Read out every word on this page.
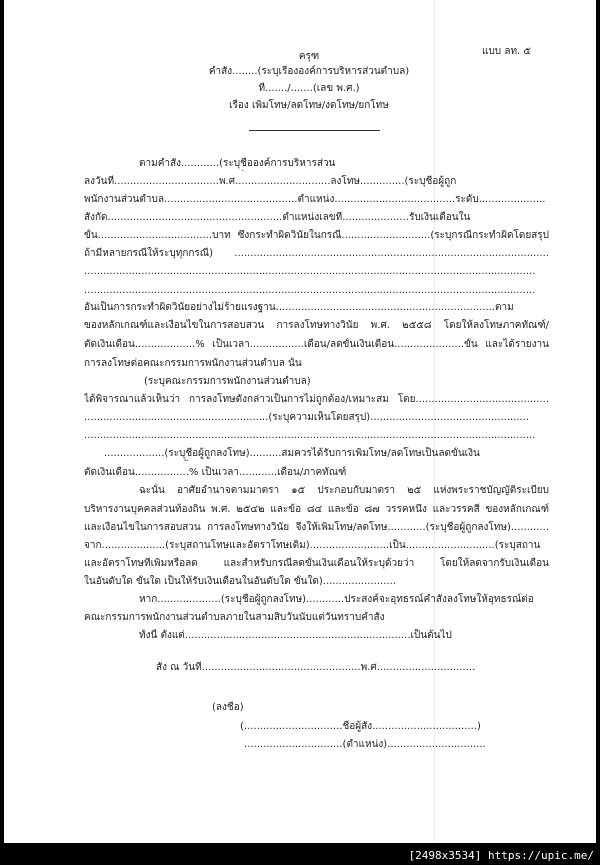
แบบ ลท. ๕
ครุฑ
คำสั่ง........(ระบุเรื่ององค์การบริหารส่วนตำบล)
ที่......./.......(เลข พ.ศ.)
เรื่อง เพิ่มโทษ/ลดโทษ/งดโทษ/ยกโทษ
ตามคำสั่ง............(ระบุชื่อองค์การบริหารส่วน
ลงวันที่.................................พ.ศ..............................ลงโทษ..............(ระบุชื่อผู้ถูก
พนักงานส่วนตำบล..........................................ตำแหน่ง......................................ระดับ.....................
สังกัด.......................................................ตำแหน่งเลขที่.....................รับเงินเดือนใน
ขั้น....................................บาท ซึ่งกระทำผิดวินัยในกรณี............................(ระบุกรณีกระทำผิดโดยสรุป
ถ้ามีหลายกรณีให้ระบุทุกกรณี) ...................................................................................................
..............................................................................................................................................
..............................................................................................................................................
อันเป็นการกระทำผิดวินัยอย่างไม่ร้ายแรงฐาน.....................................................................ตาม
ของหลักเกณฑ์และเงื่อนไขในการสอบสวน การลงโทษทางวินัย พ.ศ. ๒๕๕๘ โดยให้ลงโทษภาคทัณฑ์/
ตัดเงินเดือน...................% เป็นเวลา.................เดือน/ลดขั้นเงินเดือน......................ขั้น และได้รายงาน
การลงโทษต่อคณะกรรมการพนักงานส่วนตำบล นั้น
(ระบุคณะกรรมการพนักงานส่วนตำบล)
ได้พิจารณาแล้วเห็นว่า การลงโทษดังกล่าวเป็นการไม่ถูกต้อง/เหมาะสม โดย..........................................
..........................................................(ระบุความเห็นโดยสรุป)..................................................
..............................................................................................................................................
...................(ระบุชื่อผู้ถูกลงโทษ)..........สมควรได้รับการเพิ่มโทษ/ลดโทษเป็นลดขั้นเงิน
ตัดเงินเดือน.................% เป็นเวลา............เดือน/ภาคทัณฑ์
ฉะนั้น อาศัยอำนาจตามมาตรา ๑๕ ประกอบกับมาตรา ๒๕ แห่งพระราชบัญญัติระเบียบ
บริหารงานบุคคลส่วนท้องถิ่น พ.ศ. ๒๕๔๒ และข้อ ๘๔ และข้อ ๘๗ วรรคหนึ่ง และวรรคสี่ ของหลักเกณฑ์
และเงื่อนไขในการสอบสวน การลงโทษทางวินัย จึงให้เพิ่มโทษ/ลดโทษ............(ระบุชื่อผู้ถูกลงโทษ)............
จาก....................(ระบุสถานโทษและอัตราโทษเดิม).........................เป็น............................(ระบุสถาน
และอัตราโทษที่เพิ่มหรือลด และสำหรับกรณีลดขั้นเงินเดือนให้ระบุด้วยว่า โดยให้ลดจากรับเงินเดือน
ในอันดับใด ขั้นใด เป็นให้รับเงินเดือนในอันดับใด ขั้นใด).......................
หาก....................(ระบุชื่อผู้ถูกลงโทษ)............ประสงค์จะอุทธรณ์คำสั่งลงโทษให้อุทธรณ์ต่อ
คณะกรรมการพนักงานส่วนตำบลภายในสามสิบวันนับแต่วันทราบคำสั่ง
ทั้งนี้ ตั้งแต่.......................................................................เป็นต้นไป
สั่ง ณ วันที่..................................................พ.ศ...............................
(ลงชื่อ)
(...............................ชื่อผู้สั่ง.................................)
...............................(ตำแหน่ง)...............................
[2498x3534] https://upic.me/
